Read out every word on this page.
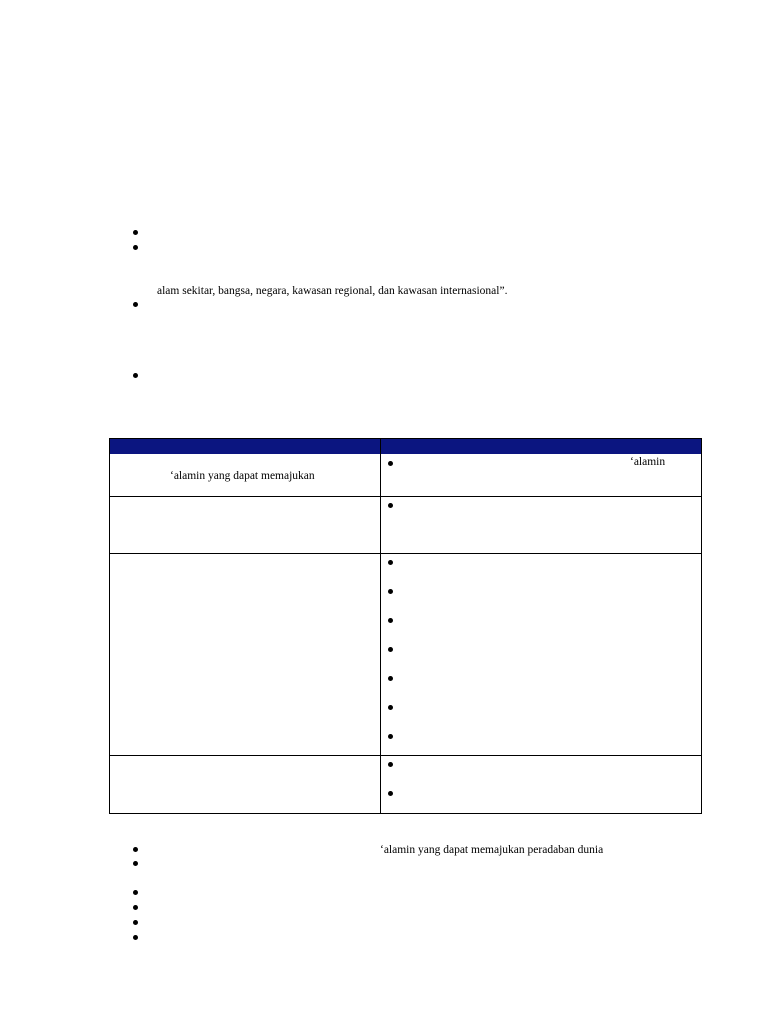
alam sekitar, bangsa, negara, kawasan regional, dan kawasan internasional”.
‘alamin yang dapat memajukan
‘alamin
‘alamin yang dapat memajukan peradaban dunia
